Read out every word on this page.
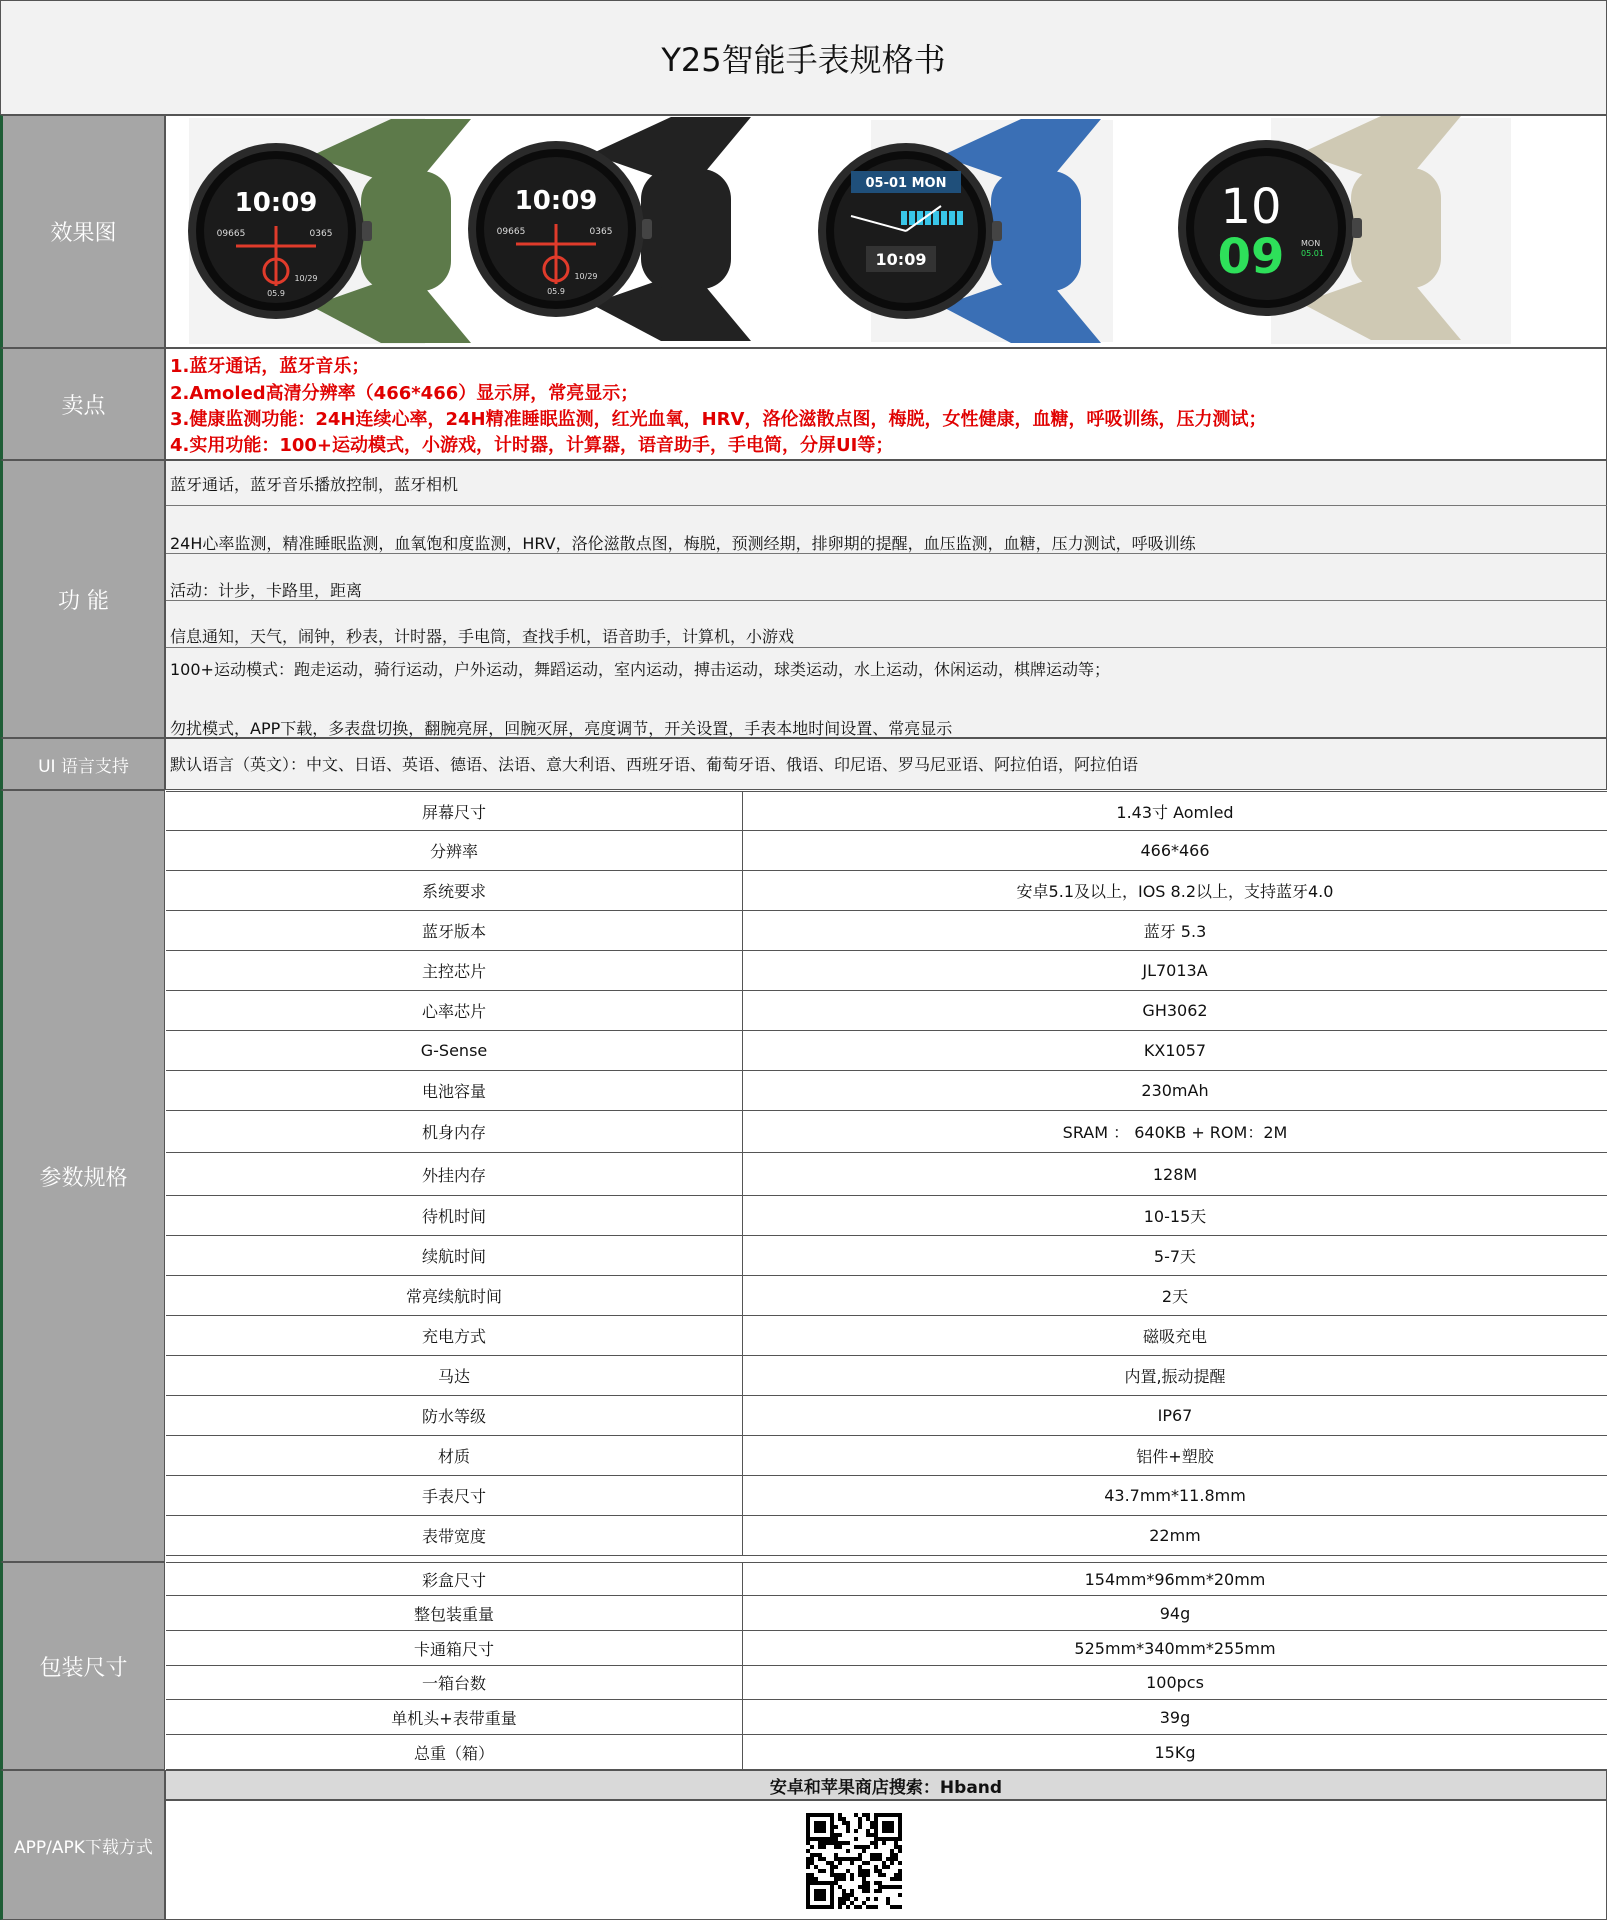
Y25智能手表规格书
效果图
10:09
09665	0365
10/29
05.9
10:09
09665	0365
10/29
05.9
05-01 MON
10:09
10
09 MON
05.01
卖点
1.蓝牙通话，蓝牙音乐；
2.Amoled高清分辨率（466*466）显示屏，常亮显示；
3.健康监测功能：24H连续心率，24H精准睡眠监测，红光血氧，HRV，洛伦滋散点图，梅脱，女性健康，血糖，呼吸训练，压力测试；
4.实用功能：100+运动模式，小游戏，计时器，计算器，语音助手，手电筒，分屏UI等；
功 能
蓝牙通话，蓝牙音乐播放控制，蓝牙相机
24H心率监测，精准睡眠监测，血氧饱和度监测，HRV，洛伦滋散点图，梅脱，预测经期，排卵期的提醒，血压监测，血糖，压力测试，呼吸训练
活动：计步，卡路里，距离
信息通知，天气，闹钟，秒表，计时器，手电筒，查找手机，语音助手，计算机，小游戏
100+运动模式：跑走运动，骑行运动，户外运动，舞蹈运动，室内运动，搏击运动，球类运动，水上运动，休闲运动，棋牌运动等；
勿扰模式，APP下载，多表盘切换，翻腕亮屏，回腕灭屏，亮度调节，开关设置，手表本地时间设置、常亮显示
UI 语言支持	默认语言（英文）：中文、日语、英语、德语、法语、意大利语、西班牙语、葡萄牙语、俄语、印尼语、罗马尼亚语、阿拉伯语，阿拉伯语
参数规格
屏幕尺寸	1.43寸 Aomled
分辨率	466*466
系统要求	安卓5.1及以上，IOS 8.2以上，支持蓝牙4.0
蓝牙版本	蓝牙 5.3
主控芯片	JL7013A
心率芯片	GH3062
G-Sense	KX1057
电池容量	230mAh
机身内存	SRAM ： 640KB + ROM：2M
外挂内存	128M
待机时间	10-15天
续航时间	5-7天
常亮续航时间	2天
充电方式	磁吸充电
马达	内置,振动提醒
防水等级	IP67
材质	铝件+塑胶
手表尺寸	43.7mm*11.8mm
表带宽度	22mm
包装尺寸
彩盒尺寸	154mm*96mm*20mm
整包装重量	94g
卡通箱尺寸	525mm*340mm*255mm
一箱台数	100pcs
单机头+表带重量	39g
总重（箱）	15Kg
APP/APK下载方式
安卓和苹果商店搜索：Hband
